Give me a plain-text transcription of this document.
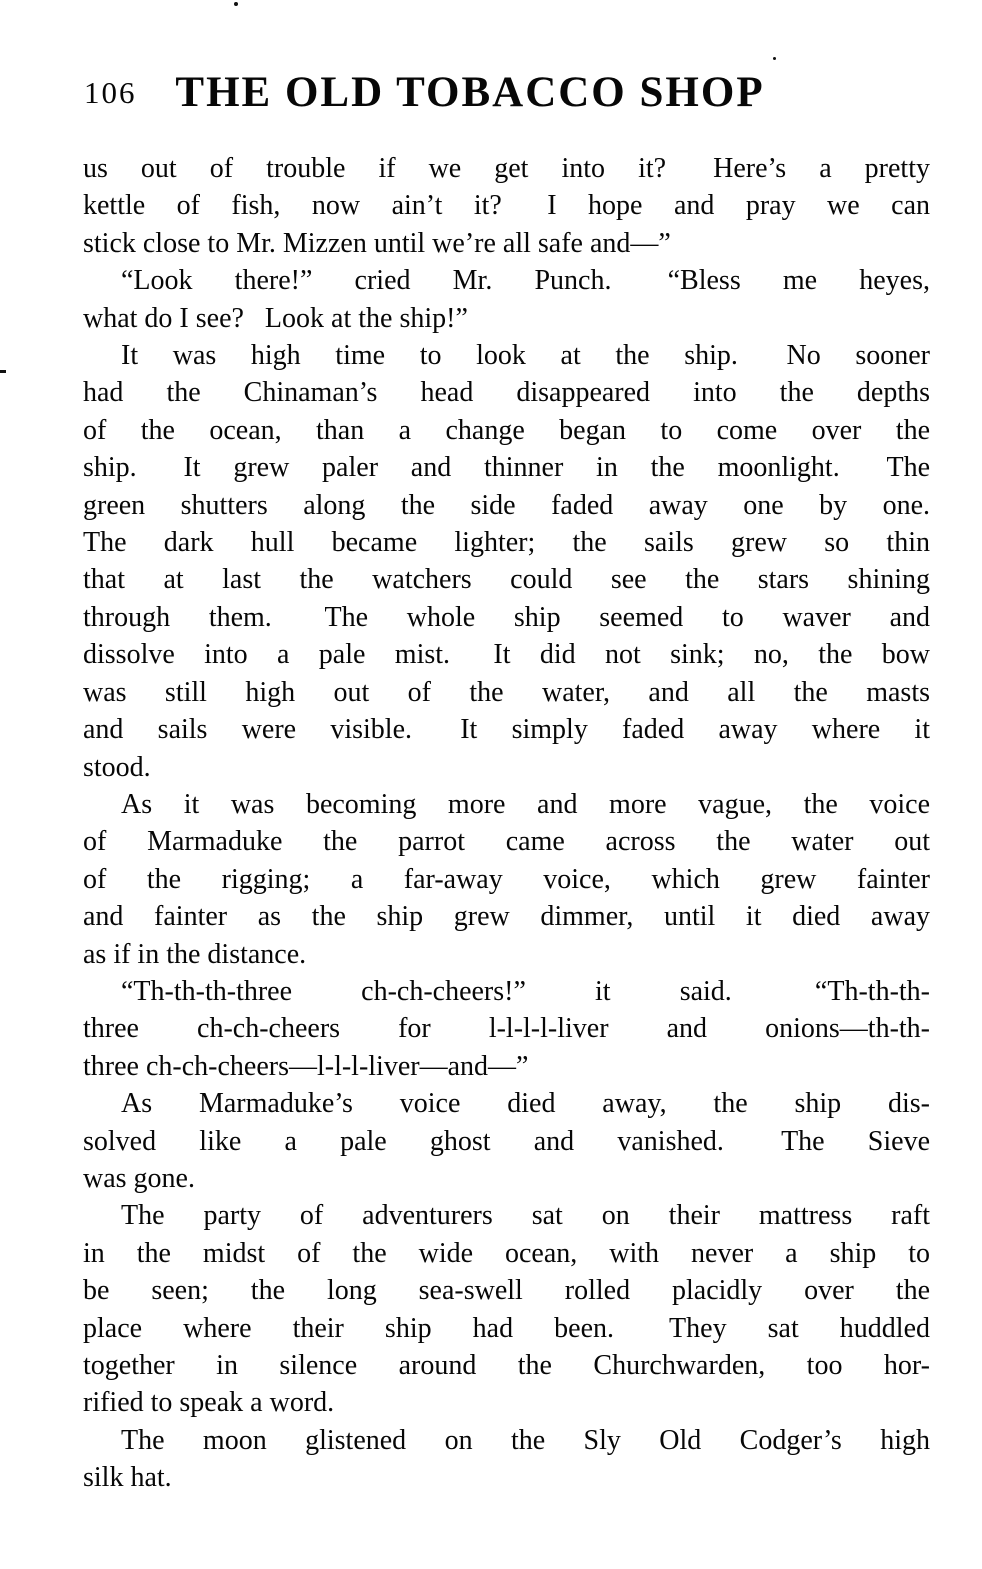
106 THE OLD TOBACCO SHOP
us out of trouble if we get into it?  Here’s a pretty
kettle of fish, now ain’t it?  I hope and pray we can
stick close to Mr. Mizzen until we’re all safe and—”
“Look there!” cried Mr. Punch.  “Bless me heyes,
what do I see?  Look at the ship!”
It was high time to look at the ship.  No sooner
had the Chinaman’s head disappeared into the depths
of the ocean, than a change began to come over the
ship.  It grew paler and thinner in the moonlight.  The
green shutters along the side faded away one by one.
The dark hull became lighter; the sails grew so thin
that at last the watchers could see the stars shining
through them.  The whole ship seemed to waver and
dissolve into a pale mist.  It did not sink; no, the bow
was still high out of the water, and all the masts
and sails were visible.  It simply faded away where it
stood.
As it was becoming more and more vague, the voice
of Marmaduke the parrot came across the water out
of the rigging; a far-away voice, which grew fainter
and fainter as the ship grew dimmer, until it died away
as if in the distance.
“Th-th-th-three ch-ch-cheers!” it said.  “Th-th-th-
three ch-ch-cheers for l-l-l-l-liver and onions—th-th-
three ch-ch-cheers—l-l-l-liver—and—”
As Marmaduke’s voice died away, the ship dis-
solved like a pale ghost and vanished.  The Sieve
was gone.
The party of adventurers sat on their mattress raft
in the midst of the wide ocean, with never a ship to
be seen; the long sea-swell rolled placidly over the
place where their ship had been.  They sat huddled
together in silence around the Churchwarden, too hor-
rified to speak a word.
The moon glistened on the Sly Old Codger’s high
silk hat.
